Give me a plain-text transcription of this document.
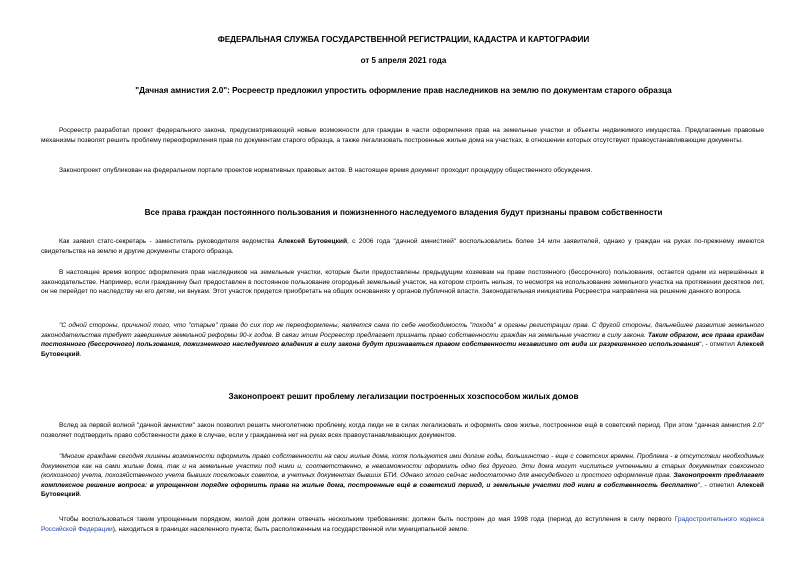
ФЕДЕРАЛЬНАЯ СЛУЖБА ГОСУДАРСТВЕННОЙ РЕГИСТРАЦИИ, КАДАСТРА И КАРТОГРАФИИ
от 5 апреля 2021 года
"Дачная амнистия 2.0": Росреестр предложил упростить оформление прав наследников на землю по документам старого образца

Росреестр разработал проект федерального закона, предусматривающий новые возможности для граждан в части оформления прав на земельные участки и объекты недвижимого имущества. Предлагаемые правовые механизмы позволят решить проблему переоформления прав по документам старого образца, а также легализовать построенные жилые дома на участках, в отношении которых отсутствуют правоустанавливающие документы.

Законопроект опубликован на федеральном портале проектов нормативных правовых актов. В настоящее время документ проходит процедуру общественного обсуждения.

Все права граждан постоянного пользования и пожизненного наследуемого владения будут признаны правом собственности

Как заявил статс-секретарь - заместитель руководителя ведомства Алексей Бутовецкий, с 2006 года "дачной амнистией" воспользовались более 14 млн заявителей, однако у граждан на руках по-прежнему имеются свидетельства на землю и другие документы старого образца.

В настоящее время вопрос оформления прав наследников на земельные участки, которые были предоставлены предыдущим хозяевам на праве постоянного (бессрочного) пользования, остается одним из нерешённых в законодательстве. Например, если гражданину был предоставлен в постоянное пользование огородный земельный участок, на котором строить нельзя, то несмотря на использование земельного участка на протяжении десятков лет, он не перейдет по наследству ни его детям, ни внукам. Этот участок придется приобретать на общих основаниях у органов публичной власти. Законодательная инициатива Росреестра направлена на решение данного вопроса.

"С одной стороны, причиной того, что "старые" права до сих пор не переоформлены, является сама по себе необходимость "похода" в органы регистрации прав. С другой стороны, дальнейшее развитие земельного законодательства требует завершения земельной реформы 90-х годов. В связи этим Росреестр предлагает признать право собственности граждан на земельные участки в силу закона. Таким образом, все права граждан постоянного (бессрочного) пользования, пожизненного наследуемого владения в силу закона будут признаваться правом собственности независимо от вида их разрешенного использования", - отметил Алексей Бутовецкий.

Законопроект решит проблему легализации построенных хозспособом жилых домов

Вслед за первой волной "дачной амнистии" закон позволил решить многолетнюю проблему, когда люди не в силах легализовать и оформить свое жилье, построенное ещё в советский период. При этом "дачная амнистия 2.0" позволяет подтвердить право собственности даже в случае, если у гражданина нет на руках всех правоустанавливающих документов.

"Многие граждане сегодня лишены возможности оформить право собственности на свои жилые дома, хотя пользуются ими долгие годы, большинство - еще с советских времен. Проблема - в отсутствии необходимых документов как на сами жилые дома, так и на земельные участки под ними и, соответственно, в невозможности оформить одно без другого. Эти дома могут числиться учтенными в старых документах совхозного (колхозного) учета, похозяйственного учета бывших поселковых советов, в учетных документах бывших БТИ. Однако этого сейчас недостаточно для внесудебного и простого оформления прав. Законопроект предлагает комплексное решение вопроса: в упрощенном порядке оформить права на жилые дома, построенные ещё в советский период, и земельные участки под ними в собственность бесплатно", - отметил Алексей Бутовецкий.

Чтобы воспользоваться таким упрощенным порядком, жилой дом должен отвечать нескольким требованиям: должен быть построен до мая 1998 года (период до вступления в силу первого Градостроительного кодекса Российской Федерации), находиться в границах населенного пункта; быть расположенным на государственной или муниципальной земле.
